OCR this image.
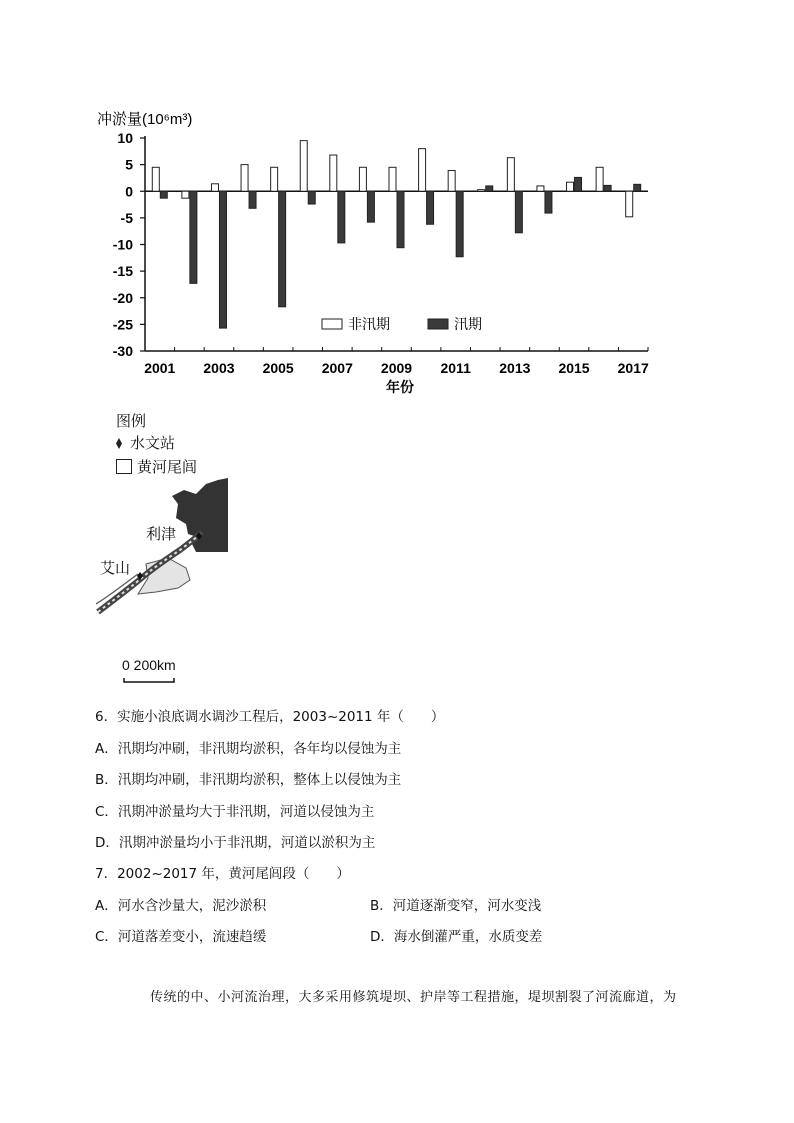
冲淤量(10⁶m³)
10
5
0
-5
-10
-15
-20
-25
-30
2001 2003 2005 2007 2009 2011 2013 2015 2017
非汛期	汛期
年份
图例
水文站
黄河尾闾
利津
艾山
0 200km
6．实施小浪底调水调沙工程后，2003~2011 年（　　）
A．汛期均冲刷，非汛期均淤积，各年均以侵蚀为主
B．汛期均冲刷，非汛期均淤积，整体上以侵蚀为主
C．汛期冲淤量均大于非汛期，河道以侵蚀为主
D．汛期冲淤量均小于非汛期，河道以淤积为主
7．2002~2017 年，黄河尾闾段（　　）
A．河水含沙量大，泥沙淤积	B．河道逐渐变窄，河水变浅
C．河道落差变小，流速趋缓	D．海水倒灌严重，水质变差
传统的中、小河流治理，大多采用修筑堤坝、护岸等工程措施，堤坝割裂了河流廊道，为
